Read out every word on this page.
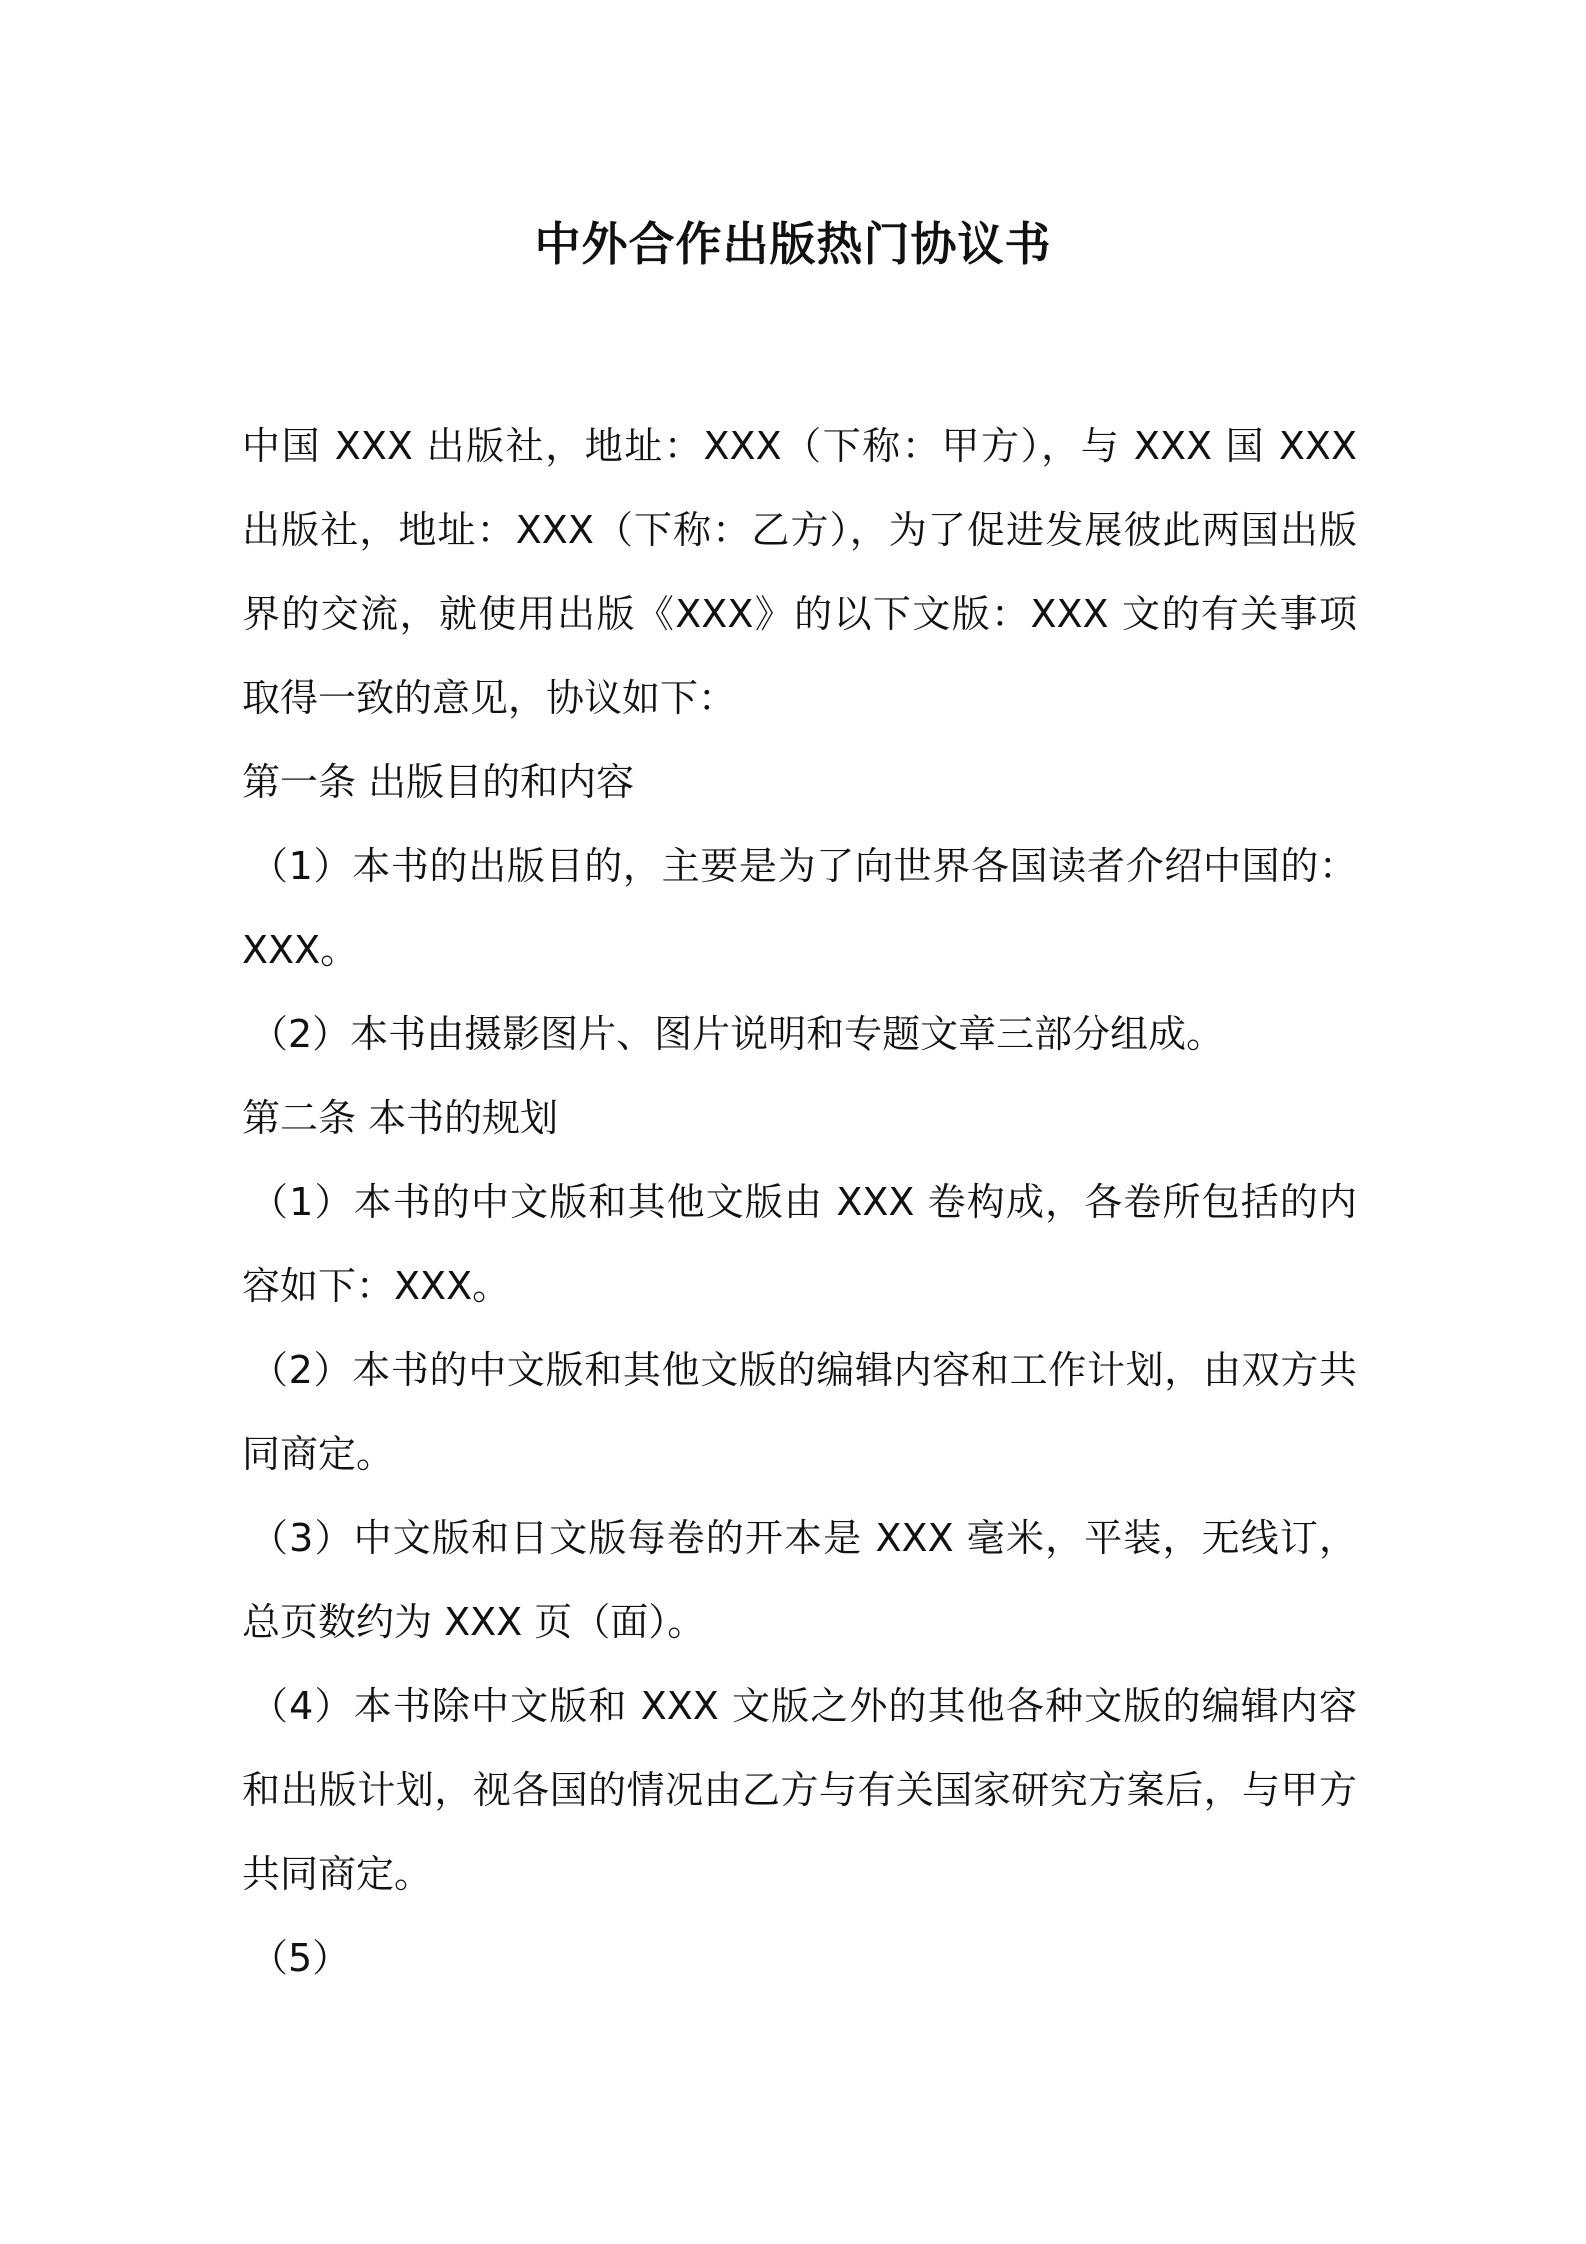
中外合作出版热门协议书

中国 XXX 出版社，地址：XXX（下称：甲方），与 XXX 国 XXX 出版社，地址：XXX（下称：乙方），为了促进发展彼此两国出版界的交流，就使用出版《XXX》的以下文版：XXX 文的有关事项取得一致的意见，协议如下：

第一条 出版目的和内容

（1）本书的出版目的，主要是为了向世界各国读者介绍中国的：XXX。

（2）本书由摄影图片、图片说明和专题文章三部分组成。

第二条 本书的规划

（1）本书的中文版和其他文版由 XXX 卷构成，各卷所包括的内容如下：XXX。

（2）本书的中文版和其他文版的编辑内容和工作计划，由双方共同商定。

（3）中文版和日文版每卷的开本是 XXX 毫米，平装，无线订，总页数约为 XXX 页（面）。

（4）本书除中文版和 XXX 文版之外的其他各种文版的编辑内容和出版计划，视各国的情况由乙方与有关国家研究方案后，与甲方共同商定。

（5）
